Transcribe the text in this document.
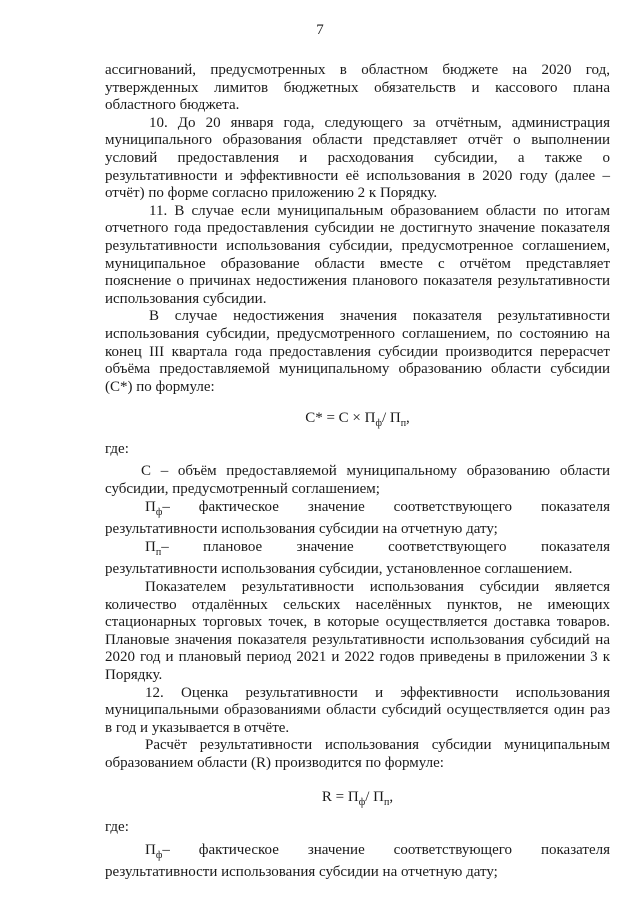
7

ассигнований, предусмотренных в областном бюджете на 2020 год, утвержденных лимитов бюджетных обязательств и кассового плана областного бюджета.

10. До 20 января года, следующего за отчётным, администрация муниципального образования области представляет отчёт о выполнении условий предоставления и расходования субсидии, а также о результативности и эффективности её использования в 2020 году (далее – отчёт) по форме согласно приложению 2 к Порядку.

11. В случае если муниципальным образованием области по итогам отчетного года предоставления субсидии не достигнуто значение показателя результативности использования субсидии, предусмотренное соглашением, муниципальное образование области вместе с отчётом представляет пояснение о причинах недостижения планового показателя результативности использования субсидии.

В случае недостижения значения показателя результативности использования субсидии, предусмотренного соглашением, по состоянию на конец III квартала года предоставления субсидии производится перерасчет объёма предоставляемой муниципальному образованию области субсидии (С*) по формуле:

$С* = С \times П_ф/$ $П_п$,

где:

С – объём предоставляемой муниципальному образованию области субсидии, предусмотренный соглашением;

$П_ф-$ фактическое значение соответствующего показателя

результативности использования субсидии на отчетную дату;

$П_п-$ плановое значение соответствующего показателя

результативности использования субсидии, установленное соглашением.

Показателем результативности использования субсидии является количество отдалённых сельских населённых пунктов, не имеющих стационарных торговых точек, в которые осуществляется доставка товаров. Плановые значения показателя результативности использования субсидий на 2020 год и плановый период 2021 и 2022 годов приведены в приложении 3 к Порядку.

12. Оценка результативности и эффективности использования муниципальными образованиями области субсидий осуществляется один раз в год и указывается в отчёте.

Расчёт результативности использования субсидии муниципальным образованием области (R) производится по формуле:

$R = П_ф/$ $П_п$,

где:

$П_ф-$ фактическое значение соответствующего показателя

результативности использования субсидии на отчетную дату;
